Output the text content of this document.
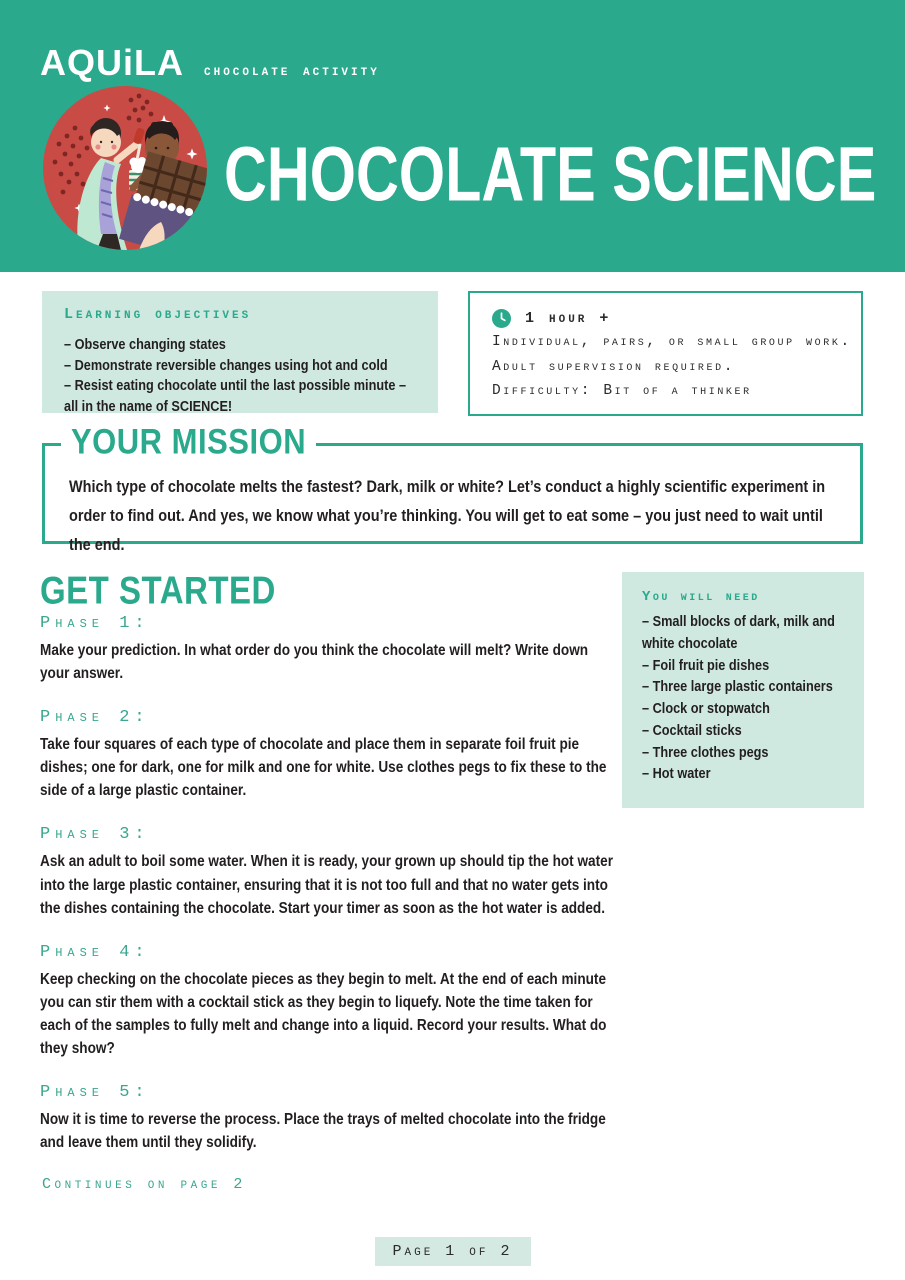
AQUiLA chocolate activity
CHOCOLATE SCIENCE
Learning objectives
– Observe changing states
– Demonstrate reversible changes using hot and cold
– Resist eating chocolate until the last possible minute – all in the name of SCIENCE!
1 hour +
Individual, pairs, or small group work.
Adult supervision required.
Difficulty: Bit of a thinker
YOUR MISSION

Which type of chocolate melts the fastest? Dark, milk or white? Let’s conduct a highly scientific experiment in order to find out. And yes, we know what you’re thinking. You will get to eat some – you just need to wait until the end.

GET STARTED
Phase 1:

Make your prediction. In what order do you think the chocolate will melt? Write down your answer.

Phase 2:

Take four squares of each type of chocolate and place them in separate foil fruit pie dishes; one for dark, one for milk and one for white. Use clothes pegs to fix these to the side of a large plastic container.

Phase 3:

Ask an adult to boil some water. When it is ready, your grown up should tip the hot water into the large plastic container, ensuring that it is not too full and that no water gets into the dishes containing the chocolate. Start your timer as soon as the hot water is added.

Phase 4:

Keep checking on the chocolate pieces as they begin to melt. At the end of each minute you can stir them with a cocktail stick as they begin to liquefy. Note the time taken for each of the samples to fully melt and change into a liquid. Record your results. What do they show?

Phase 5:

Now it is time to reverse the process. Place the trays of melted chocolate into the fridge and leave them until they solidify.

You will need
– Small blocks of dark, milk and white chocolate
– Foil fruit pie dishes
– Three large plastic containers
– Clock or stopwatch
– Cocktail sticks
– Three clothes pegs
– Hot water
Continues on page 2
Page 1 of 2
